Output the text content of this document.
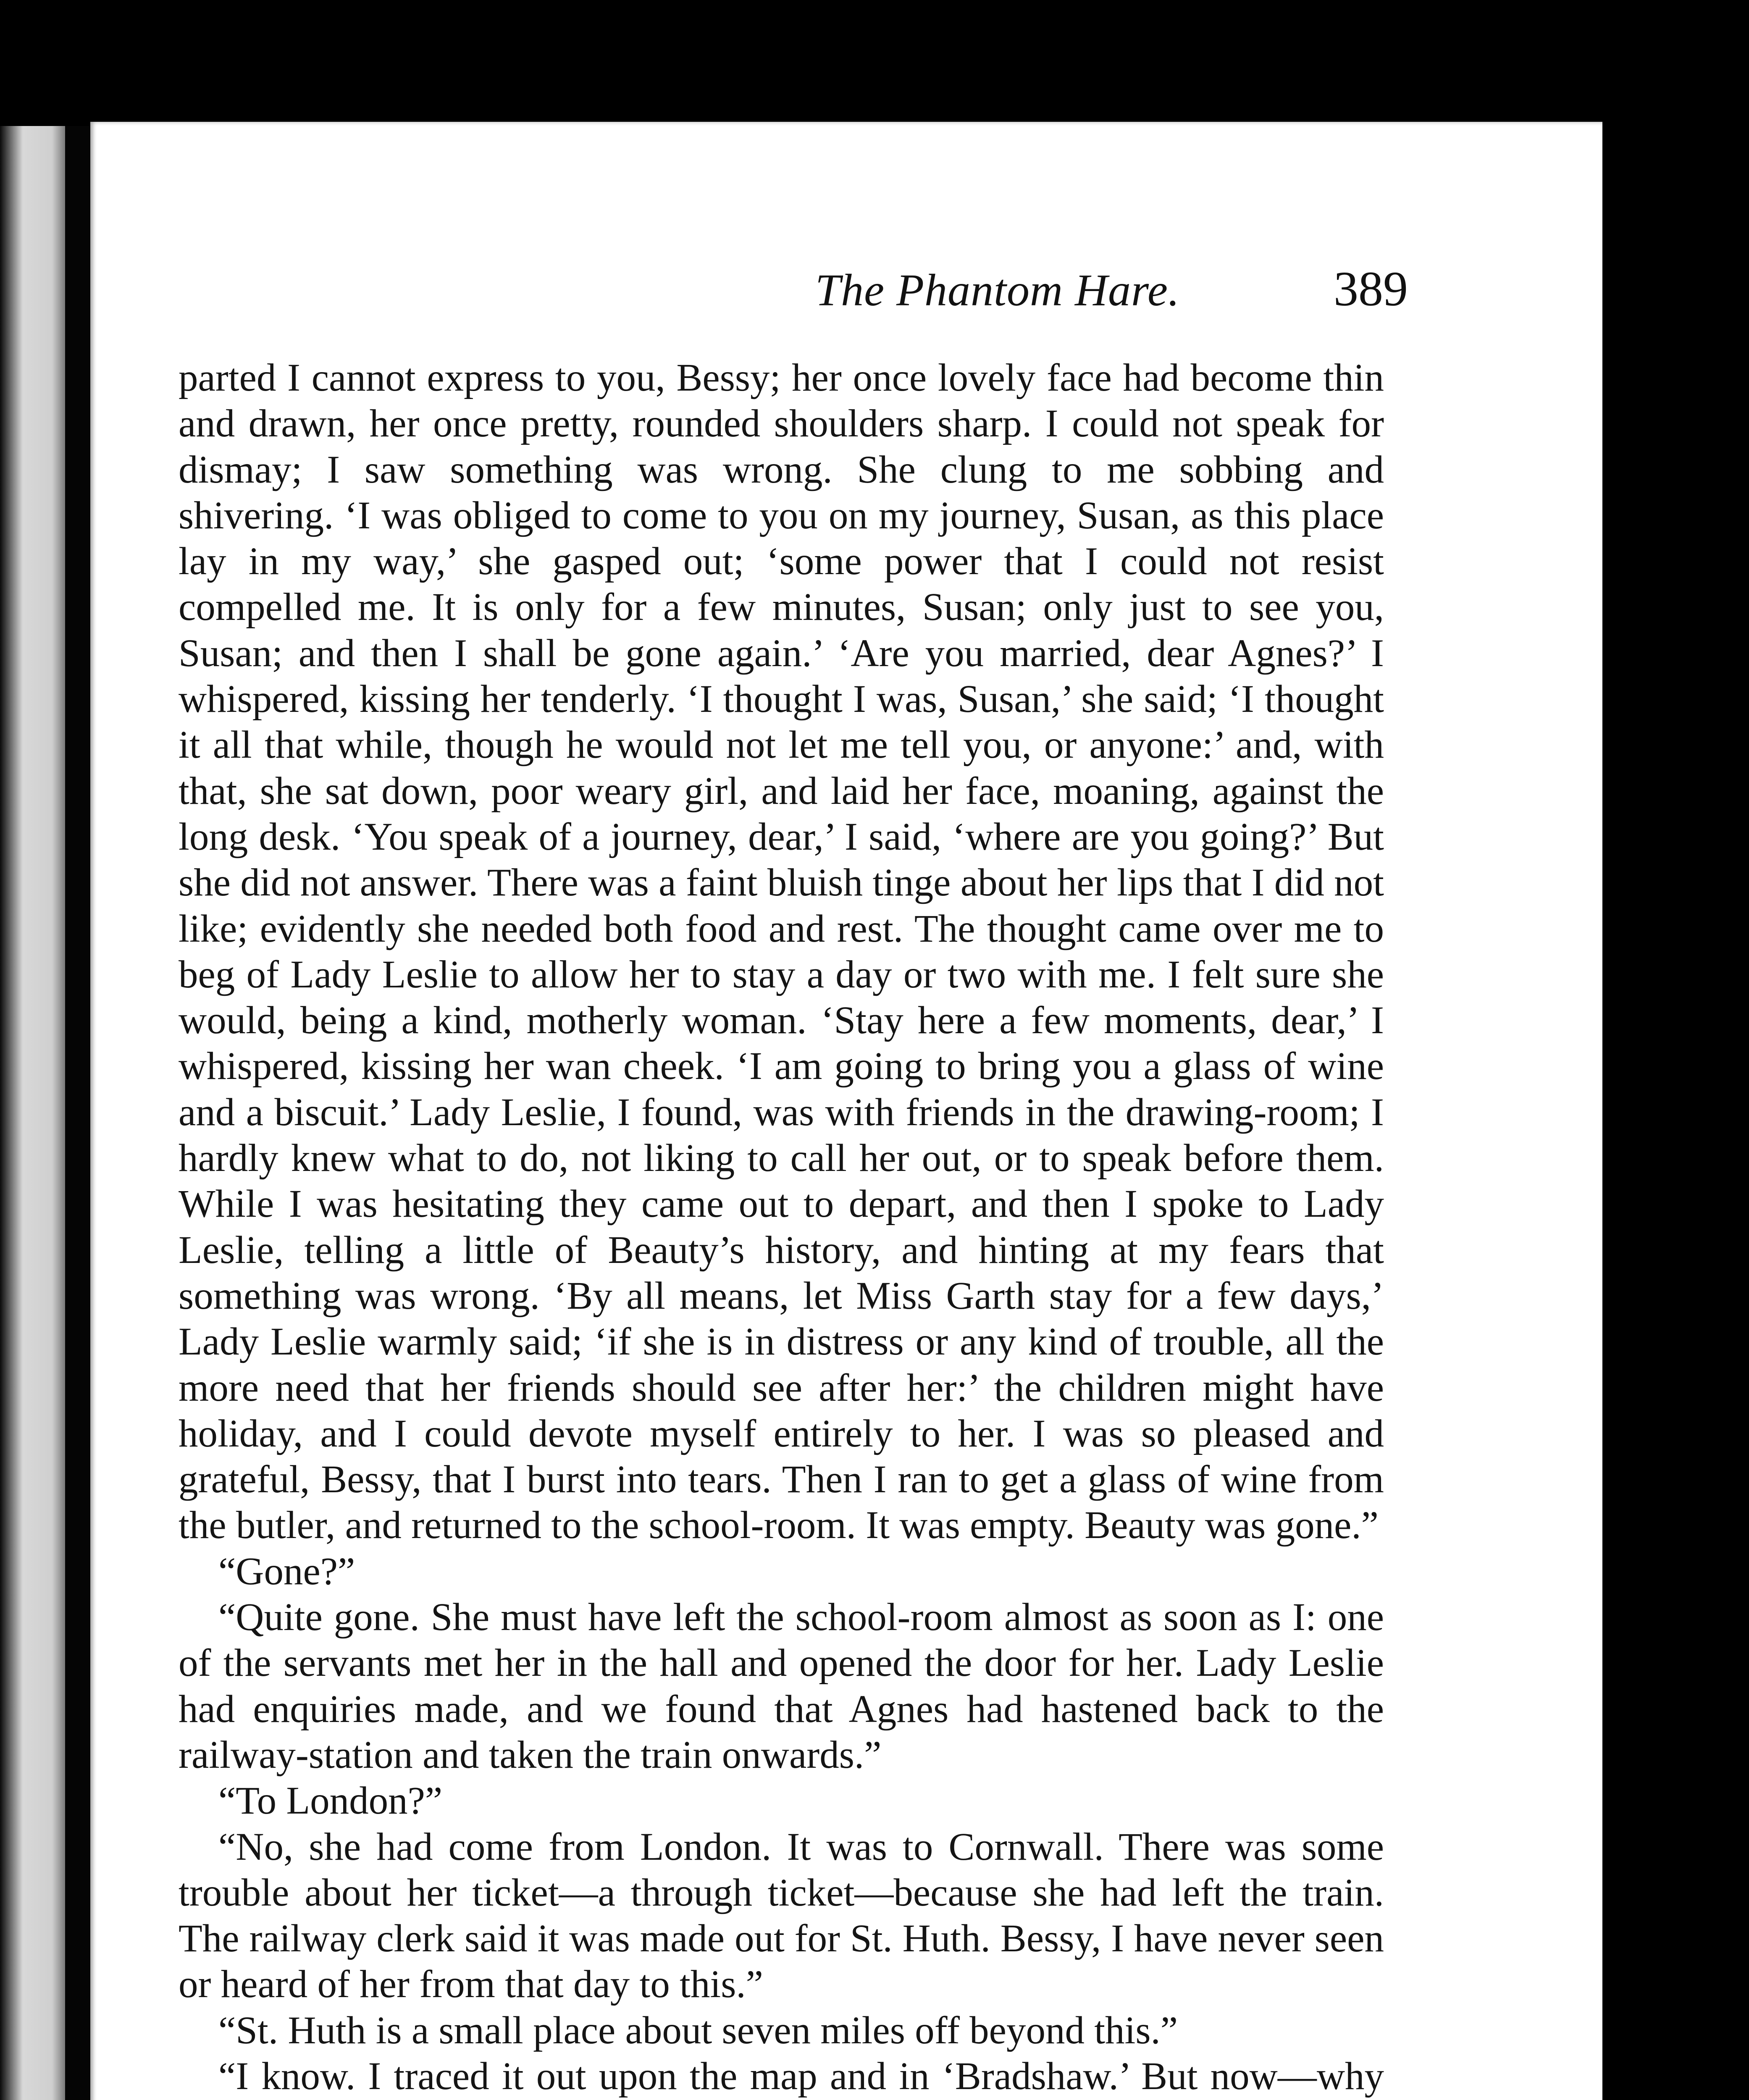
The Phantom Hare.	389

parted I cannot express to you, Bessy; her once lovely face had become thin and drawn, her once pretty, rounded shoulders sharp. I could not speak for dismay; I saw something was wrong. She clung to me sobbing and shivering. ‘I was obliged to come to you on my journey, Susan, as this place lay in my way,’ she gasped out; ‘some power that I could not resist compelled me. It is only for a few minutes, Susan; only just to see you, Susan; and then I shall be gone again.’ ‘Are you married, dear Agnes?’ I whispered, kissing her tenderly. ‘I thought I was, Susan,’ she said; ‘I thought it all that while, though he would not let me tell you, or anyone:’ and, with that, she sat down, poor weary girl, and laid her face, moaning, against the long desk. ‘You speak of a journey, dear,’ I said, ‘where are you going?’ But she did not answer. There was a faint bluish tinge about her lips that I did not like; evidently she needed both food and rest. The thought came over me to beg of Lady Leslie to allow her to stay a day or two with me. I felt sure she would, being a kind, motherly woman. ‘Stay here a few moments, dear,’ I whispered, kissing her wan cheek. ‘I am going to bring you a glass of wine and a biscuit.’ Lady Leslie, I found, was with friends in the drawing-room; I hardly knew what to do, not liking to call her out, or to speak before them. While I was hesitating they came out to depart, and then I spoke to Lady Leslie, telling a little of Beauty’s history, and hinting at my fears that something was wrong. ‘By all means, let Miss Garth stay for a few days,’ Lady Leslie warmly said; ‘if she is in distress or any kind of trouble, all the more need that her friends should see after her:’ the children might have holiday, and I could devote myself entirely to her. I was so pleased and grateful, Bessy, that I burst into tears. Then I ran to get a glass of wine from the butler, and returned to the school-room. It was empty. Beauty was gone.”

“Gone?”

“Quite gone. She must have left the school-room almost as soon as I: one of the servants met her in the hall and opened the door for her. Lady Leslie had enquiries made, and we found that Agnes had hastened back to the railway-station and taken the train onwards.”

“To London?”

“No, she had come from London. It was to Cornwall. There was some trouble about her ticket—a through ticket—because she had left the train. The railway clerk said it was made out for St. Huth. Bessy, I have never seen or heard of her from that day to this.”

“St. Huth is a small place about seven miles off beyond this.”

“I know. I traced it out upon the map and in ‘Bradshaw.’ But now—why
